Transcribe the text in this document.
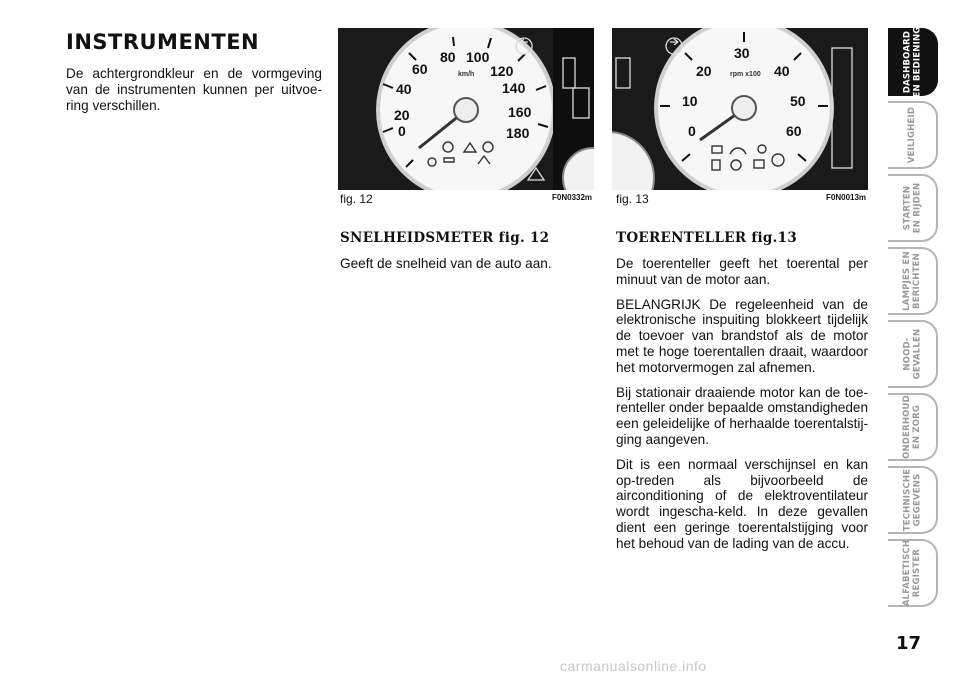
INSTRUMENTEN
De achtergrondkleur en de vormgeving van de instrumenten kunnen per uitvoe-ring verschillen.
0
20
40
60
80 100
120
140
160
180
km/h
fig. 12	F0N0332m
0
10
20
30
40
50
60
rpm x100
fig. 13	F0N0013m
SNELHEIDSMETER fig. 12
Geeft de snelheid van de auto aan.
TOERENTELLER fig.13

De toerenteller geeft het toerental per minuut van de motor aan.

BELANGRIJK De regeleenheid van de elektronische inspuiting blokkeert tijdelijk de toevoer van brandstof als de motor met te hoge toerentallen draait, waardoor het motorvermogen zal afnemen.

Bij stationair draaiende motor kan de toe-renteller onder bepaalde omstandigheden een geleidelijke of herhaalde toerentalstij-ging aangeven.

Dit is een normaal verschijnsel en kan op-treden als bijvoorbeeld de airconditioning of de elektroventilateur wordt ingescha-keld. In deze gevallen dient een geringe toerentalstijging voor het behoud van de lading van de accu.

DASHBOARD
EN BEDIENING
VEILIGHEID
STARTEN
EN RIJDEN
LAMPJES EN
BERICHTEN
NOOD-
GEVALLEN
ONDERHOUD
EN ZORG
TECHNISCHE
GEGEVENS
ALFABETISCH
REGISTER
17
carmanualsonline.info
